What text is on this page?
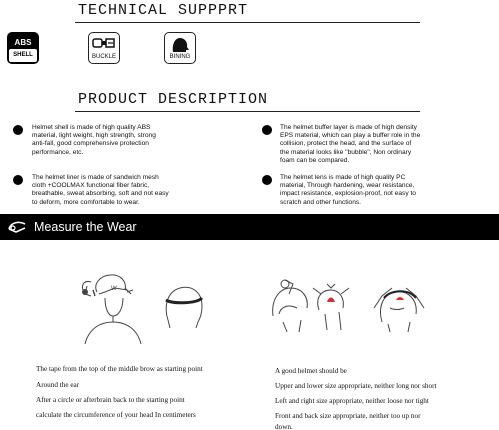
TECHNICAL SUPPPRT
ABS
SHELL	BUCKLE	BINING
PRODUCT DESCRIPTION
Helmet shell is made of high quality ABS
material, light weight, high strength, strong
anti-fall, good comprehensive protection
performance, etc.
The helmet buffer layer is made of high density
EPS material, which can play a buffer role in the
collision, protect the head, and the surface of
the material looks like "bubble", Non ordinary
foam can be compared.
The helmet liner is made of sandwich mesh
cloth +COOLMAX functional fiber fabric,
breathable, sweat absorbing, soft and not easy
to deform, more comfortable to wear.
The helmet lens is made of high quality PC
material, Through hardening, wear resistance,
impact resistance, explosion-proof, not easy to
scratch and other functions.
Measure the Wear
W
The tape from the top of the middle brow as starting point
Around the ear
After a circle or afterbrain back to the starting point
calculate the circumference of your head In centimeters
A good helmet should be
Upper and lower size appropriate, neither long nor short
Left and right size appropriate, neither loose nor tight
Front and back size appropriate, neither too up nor
down.
